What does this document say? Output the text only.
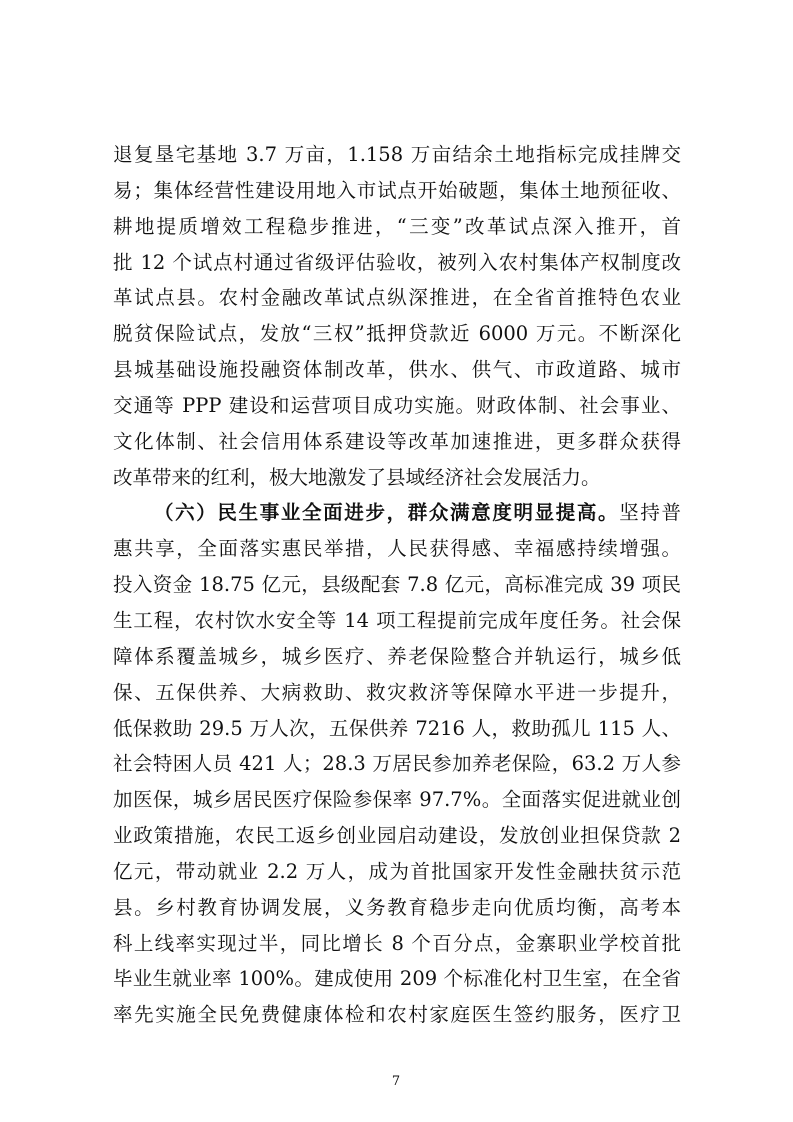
退复垦宅基地 3.7 万亩，1.158 万亩结余土地指标完成挂牌交
易；集体经营性建设用地入市试点开始破题，集体土地预征收、
耕地提质增效工程稳步推进，“三变”改革试点深入推开，首
批 12 个试点村通过省级评估验收，被列入农村集体产权制度改
革试点县。农村金融改革试点纵深推进，在全省首推特色农业
脱贫保险试点，发放“三权”抵押贷款近 6000 万元。不断深化
县城基础设施投融资体制改革，供水、供气、市政道路、城市
交通等 PPP 建设和运营项目成功实施。财政体制、社会事业、
文化体制、社会信用体系建设等改革加速推进，更多群众获得
改革带来的红利，极大地激发了县域经济社会发展活力。
（六）民生事业全面进步，群众满意度明显提高。坚持普
惠共享，全面落实惠民举措，人民获得感、幸福感持续增强。
投入资金 18.75 亿元，县级配套 7.8 亿元，高标准完成 39 项民
生工程，农村饮水安全等 14 项工程提前完成年度任务。社会保
障体系覆盖城乡，城乡医疗、养老保险整合并轨运行，城乡低
保、五保供养、大病救助、救灾救济等保障水平进一步提升，
低保救助 29.5 万人次，五保供养 7216 人，救助孤儿 115 人、
社会特困人员 421 人；28.3 万居民参加养老保险，63.2 万人参
加医保，城乡居民医疗保险参保率 97.7%。全面落实促进就业创
业政策措施，农民工返乡创业园启动建设，发放创业担保贷款 2
亿元，带动就业 2.2 万人，成为首批国家开发性金融扶贫示范
县。乡村教育协调发展，义务教育稳步走向优质均衡，高考本
科上线率实现过半，同比增长 8 个百分点，金寨职业学校首批
毕业生就业率 100%。建成使用 209 个标准化村卫生室，在全省
率先实施全民免费健康体检和农村家庭医生签约服务，医疗卫
7
